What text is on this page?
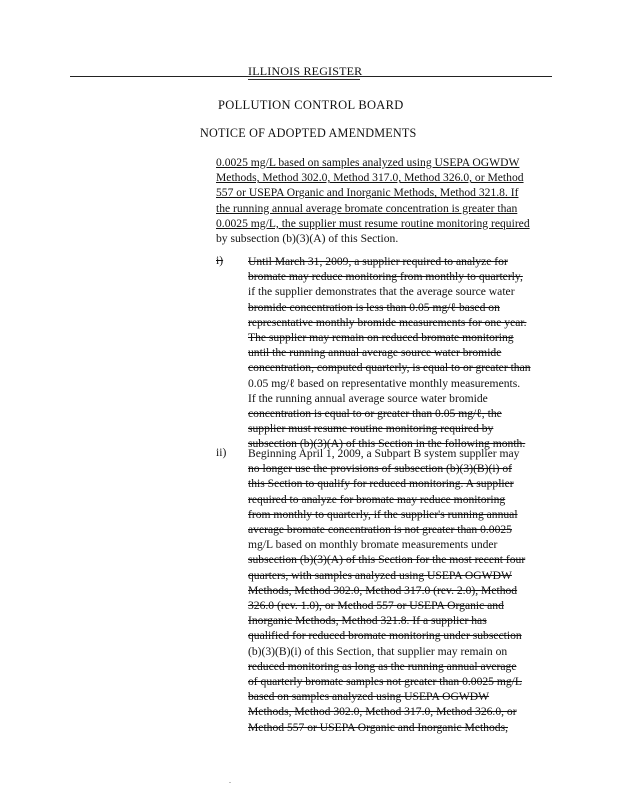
ILLINOIS REGISTER
POLLUTION CONTROL BOARD
NOTICE OF ADOPTED AMENDMENTS
0.0025 mg/L based on samples analyzed using USEPA OGWDW
Methods, Method 302.0, Method 317.0, Method 326.0, or Method
557 or USEPA Organic and Inorganic Methods, Method 321.8. If
the running annual average bromate concentration is greater than
0.0025 mg/L, the supplier must resume routine monitoring required
by subsection (b)(3)(A) of this Section.
i)	Until March 31, 2009, a supplier required to analyze for
bromate may reduce monitoring from monthly to quarterly,
if the supplier demonstrates that the average source water
bromide concentration is less than 0.05 mg/ℓ based on
representative monthly bromide measurements for one year.
The supplier may remain on reduced bromate monitoring
until the running annual average source water bromide
concentration, computed quarterly, is equal to or greater than
0.05 mg/ℓ based on representative monthly measurements.
If the running annual average source water bromide
concentration is equal to or greater than 0.05 mg/ℓ, the
supplier must resume routine monitoring required by
subsection (b)(3)(A) of this Section in the following month.
ii)	Beginning April 1, 2009, a Subpart B system supplier may
no longer use the provisions of subsection (b)(3)(B)(i) of
this Section to qualify for reduced monitoring. A supplier
required to analyze for bromate may reduce monitoring
from monthly to quarterly, if the supplier's running annual
average bromate concentration is not greater than 0.0025
mg/L based on monthly bromate measurements under
subsection (b)(3)(A) of this Section for the most recent four
quarters, with samples analyzed using USEPA OGWDW
Methods, Method 302.0, Method 317.0 (rev. 2.0), Method
326.0 (rev. 1.0), or Method 557 or USEPA Organic and
Inorganic Methods, Method 321.8. If a supplier has
qualified for reduced bromate monitoring under subsection
(b)(3)(B)(i) of this Section, that supplier may remain on
reduced monitoring as long as the running annual average
of quarterly bromate samples not greater than 0.0025 mg/L
based on samples analyzed using USEPA OGWDW
Methods, Method 302.0, Method 317.0, Method 326.0, or
Method 557 or USEPA Organic and Inorganic Methods,
.
